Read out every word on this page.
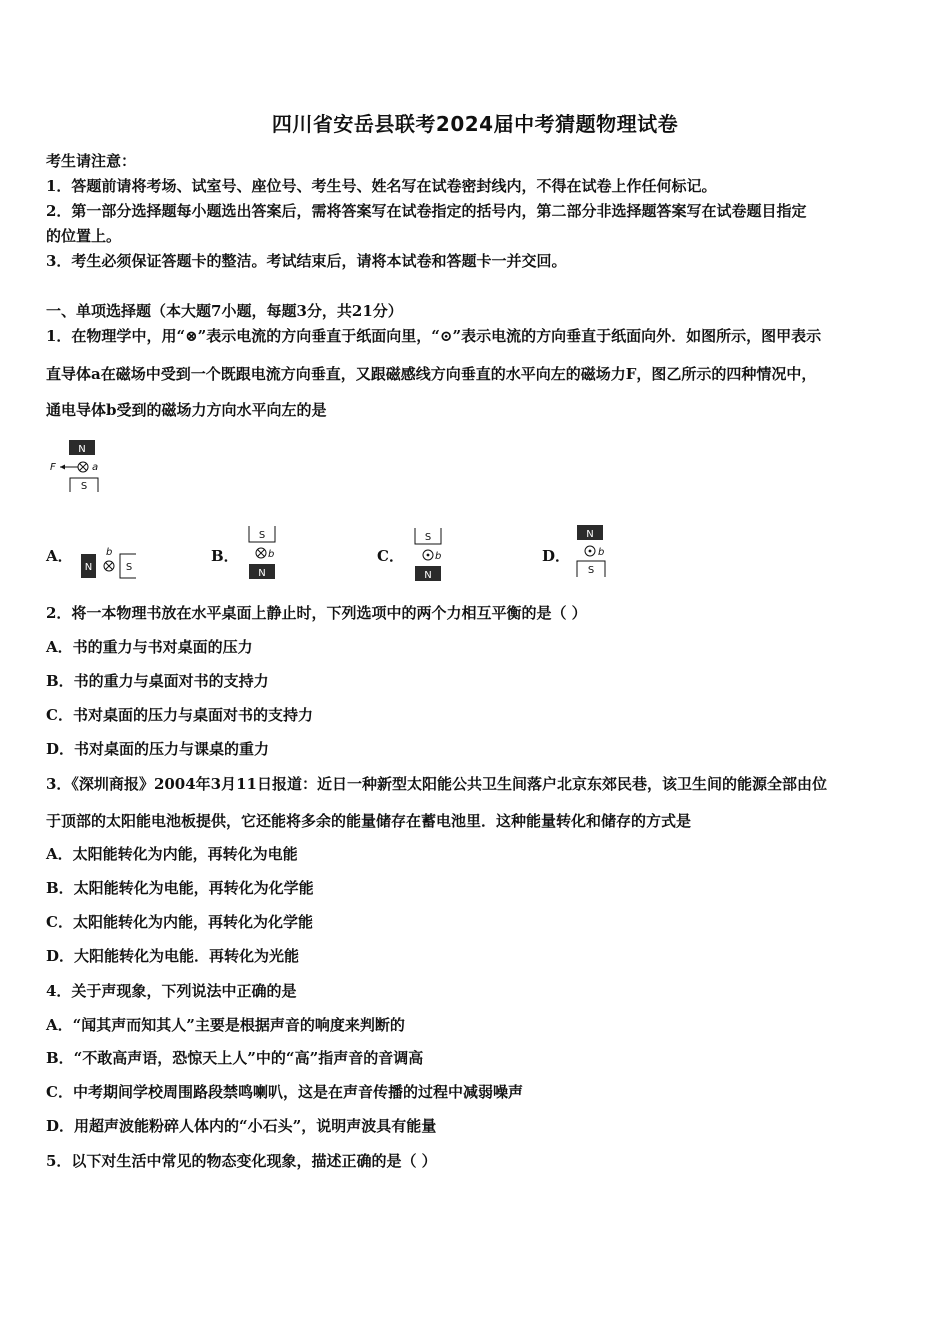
四川省安岳县联考2024届中考猜题物理试卷
考生请注意：
1．答题前请将考场、试室号、座位号、考生号、姓名写在试卷密封线内，不得在试卷上作任何标记。
2．第一部分选择题每小题选出答案后，需将答案写在试卷指定的括号内，第二部分非选择题答案写在试卷题目指定
的位置上。
3．考生必须保证答题卡的整洁。考试结束后，请将本试卷和答题卡一并交回。
一、单项选择题（本大题7小题，每题3分，共21分）
1．在物理学中，用“⊗”表示电流的方向垂直于纸面向里，“⊙”表示电流的方向垂直于纸面向外．如图所示，图甲表示
直导体a在磁场中受到一个既跟电流方向垂直，又跟磁感线方向垂直的水平向左的磁场力F，图乙所示的四种情况中，
通电导体b受到的磁场力方向水平向左的是
N
F	a
S
A．
N
b
S
B．
S
b
N
C．
S
b
N
D．
N
b
S
2．将一本物理书放在水平桌面上静止时，下列选项中的两个力相互平衡的是（ ）
A．书的重力与书对桌面的压力
B．书的重力与桌面对书的支持力
C．书对桌面的压力与桌面对书的支持力
D．书对桌面的压力与课桌的重力
3．《深圳商报》2004年3月11日报道：近日一种新型太阳能公共卫生间落户北京东郊民巷，该卫生间的能源全部由位
于顶部的太阳能电池板提供，它还能将多余的能量储存在蓄电池里．这种能量转化和储存的方式是
A．太阳能转化为内能，再转化为电能
B．太阳能转化为电能，再转化为化学能
C．太阳能转化为内能，再转化为化学能
D．大阳能转化为电能．再转化为光能
4．关于声现象，下列说法中正确的是
A．“闻其声而知其人”主要是根据声音的响度来判断的
B．“不敢高声语，恐惊天上人”中的“高”指声音的音调高
C．中考期间学校周围路段禁鸣喇叭，这是在声音传播的过程中减弱噪声
D．用超声波能粉碎人体内的“小石头”，说明声波具有能量
5．以下对生活中常见的物态变化现象，描述正确的是（ ）
